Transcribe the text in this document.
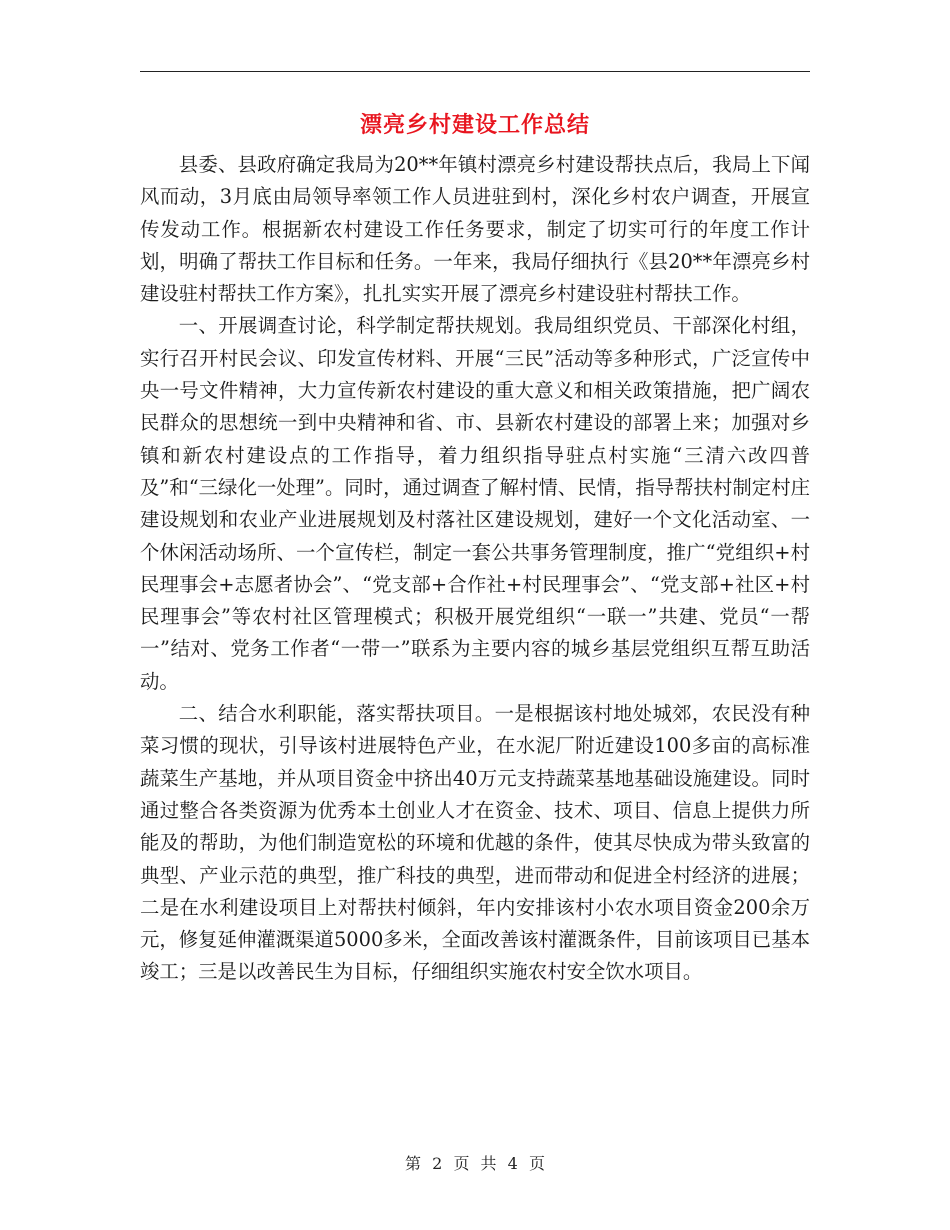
漂亮乡村建设工作总结

县委、县政府确定我局为20**年镇村漂亮乡村建设帮扶点后，我局上下闻风而动，3月底由局领导率领工作人员进驻到村，深化乡村农户调查，开展宣传发动工作。根据新农村建设工作任务要求，制定了切实可行的年度工作计划，明确了帮扶工作目标和任务。一年来，我局仔细执行《县20**年漂亮乡村建设驻村帮扶工作方案》，扎扎实实开展了漂亮乡村建设驻村帮扶工作。

一、开展调查讨论，科学制定帮扶规划。我局组织党员、干部深化村组，实行召开村民会议、印发宣传材料、开展“三民”活动等多种形式，广泛宣传中央一号文件精神，大力宣传新农村建设的重大意义和相关政策措施，把广阔农民群众的思想统一到中央精神和省、市、县新农村建设的部署上来；加强对乡镇和新农村建设点的工作指导，着力组织指导驻点村实施“三清六改四普及”和“三绿化一处理”。同时，通过调查了解村情、民情，指导帮扶村制定村庄建设规划和农业产业进展规划及村落社区建设规划，建好一个文化活动室、一个休闲活动场所、一个宣传栏，制定一套公共事务管理制度，推广“党组织+村民理事会+志愿者协会”、“党支部+合作社+村民理事会”、“党支部+社区+村民理事会”等农村社区管理模式；积极开展党组织“一联一”共建、党员“一帮一”结对、党务工作者“一带一”联系为主要内容的城乡基层党组织互帮互助活动。

二、结合水利职能，落实帮扶项目。一是根据该村地处城郊，农民没有种菜习惯的现状，引导该村进展特色产业，在水泥厂附近建设100多亩的高标准蔬菜生产基地，并从项目资金中挤出40万元支持蔬菜基地基础设施建设。同时通过整合各类资源为优秀本土创业人才在资金、技术、项目、信息上提供力所能及的帮助，为他们制造宽松的环境和优越的条件，使其尽快成为带头致富的典型、产业示范的典型，推广科技的典型，进而带动和促进全村经济的进展；二是在水利建设项目上对帮扶村倾斜，年内安排该村小农水项目资金200余万元，修复延伸灌溉渠道5000多米，全面改善该村灌溉条件，目前该项目已基本竣工；三是以改善民生为目标，仔细组织实施农村安全饮水项目。

第 2 页 共 4 页
